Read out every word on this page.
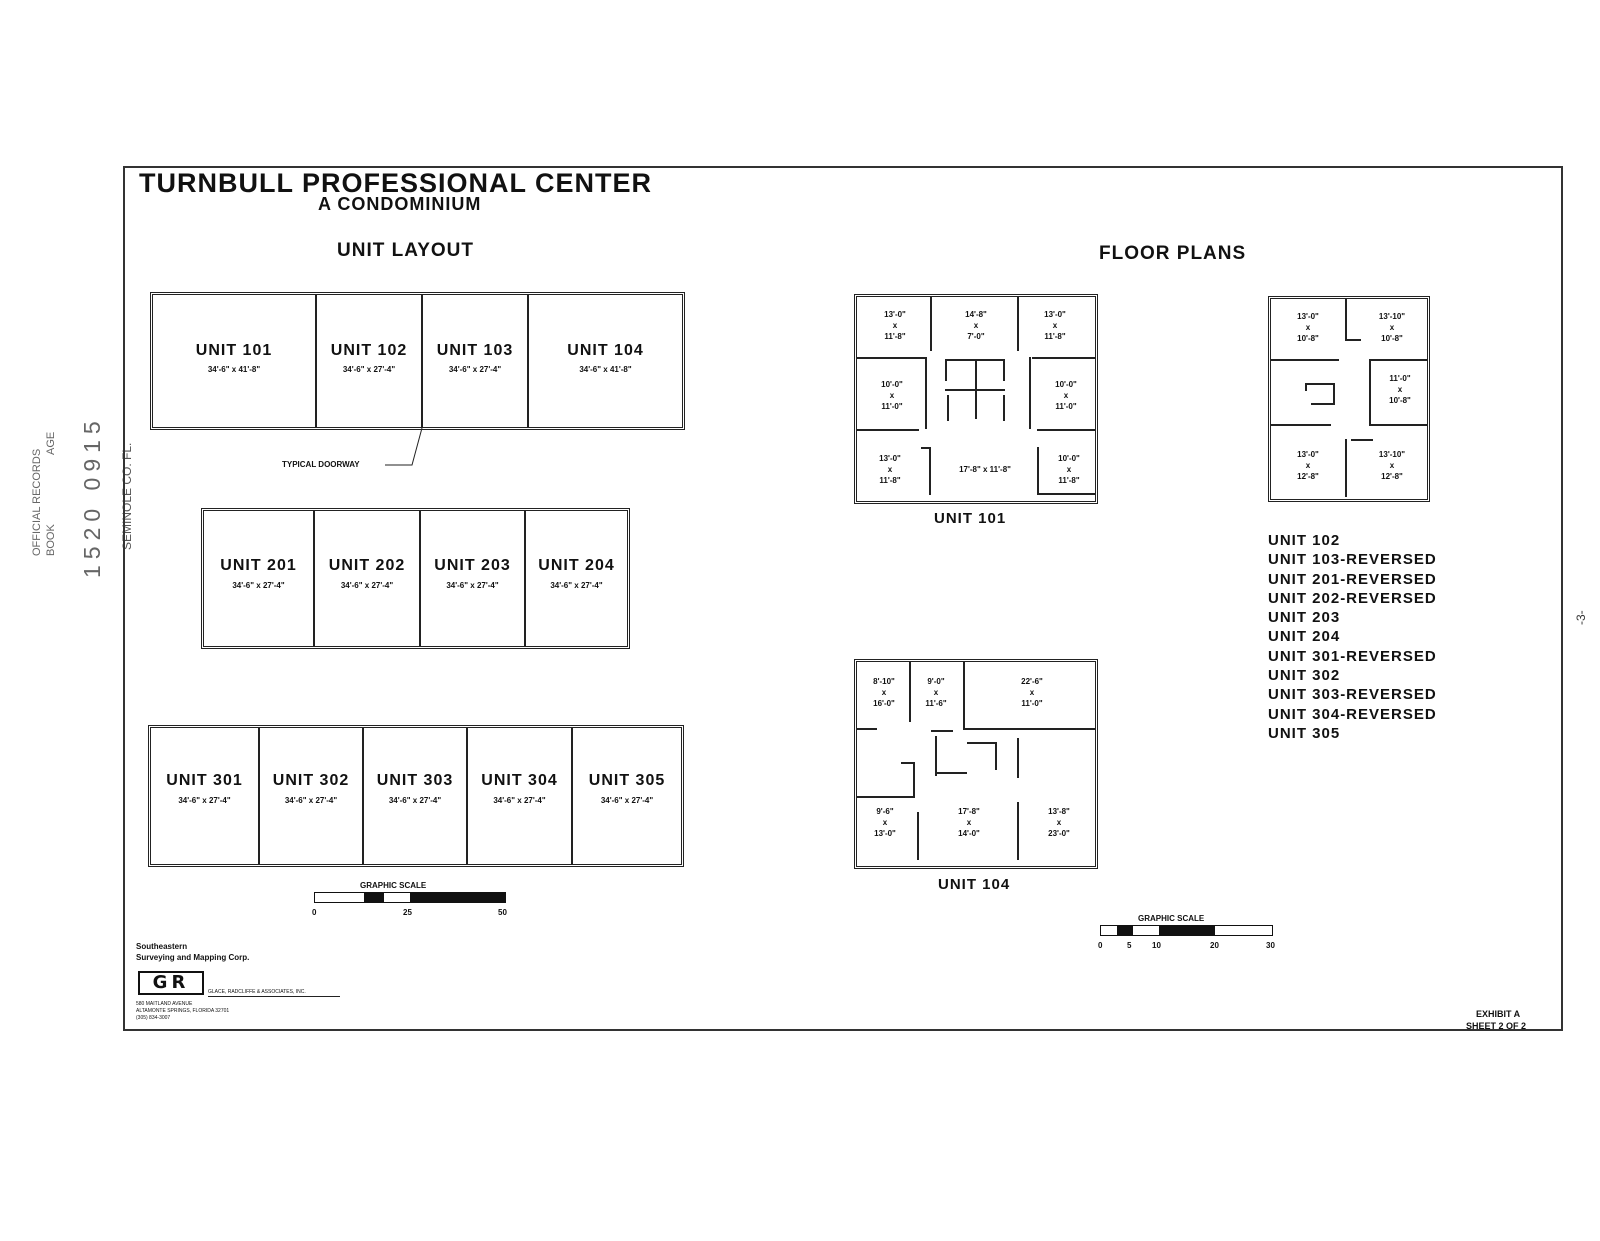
OFFICIAL RECORDS BOOK
AGE 1520 0915 SEMINOLE CO. FL.
-3-
TURNBULL PROFESSIONAL CENTER
A CONDOMINIUM
UNIT LAYOUT	FLOOR PLANS
UNIT 101
34'-6" x 41'-8"
UNIT 102
34'-6" x 27'-4"
UNIT 103
34'-6" x 27'-4"
UNIT 104
34'-6" x 41'-8"
TYPICAL DOORWAY
UNIT 201
34'-6" x 27'-4"
UNIT 202
34'-6" x 27'-4"
UNIT 203
34'-6" x 27'-4"
UNIT 204
34'-6" x 27'-4"
UNIT 301
34'-6" x 27'-4"
UNIT 302
34'-6" x 27'-4"
UNIT 303
34'-6" x 27'-4"
UNIT 304
34'-6" x 27'-4"
UNIT 305
34'-6" x 27'-4"
GRAPHIC SCALE
0	25	50
13'-0"
x
11'-8"
14'-8"
x
7'-0"
13'-0"
x
11'-8"
10'-0"
x
11'-0"
10'-0"
x
11'-0"
13'-0"
x
11'-8"
17'-8" x 11'-8"
10'-0"
x
11'-8"
UNIT 101
13'-0"
x
10'-8"
13'-10"
x
10'-8"
11'-0"
x
10'-8"
13'-0"
x
12'-8"
13'-10"
x
12'-8"
UNIT 102
UNIT 103-REVERSED
UNIT 201-REVERSED
UNIT 202-REVERSED
UNIT 203
UNIT 204
UNIT 301-REVERSED
UNIT 302
UNIT 303-REVERSED
UNIT 304-REVERSED
UNIT 305
8'-10"
x
16'-0"
9'-0"
x
11'-6"
22'-6"
x
11'-0"
9'-6"
x
13'-0"
17'-8"
x
14'-0"
13'-8"
x
23'-0"
UNIT 104
GRAPHIC SCALE
0	5	10	20	30
Southeastern
Surveying and Mapping Corp.
GR	GLACE, RADCLIFFE & ASSOCIATES, INC.
580 MAITLAND AVENUE
ALTAMONTE SPRINGS, FLORIDA 32701
(305) 834-3007	EXHIBIT A
SHEET 2 OF 2
